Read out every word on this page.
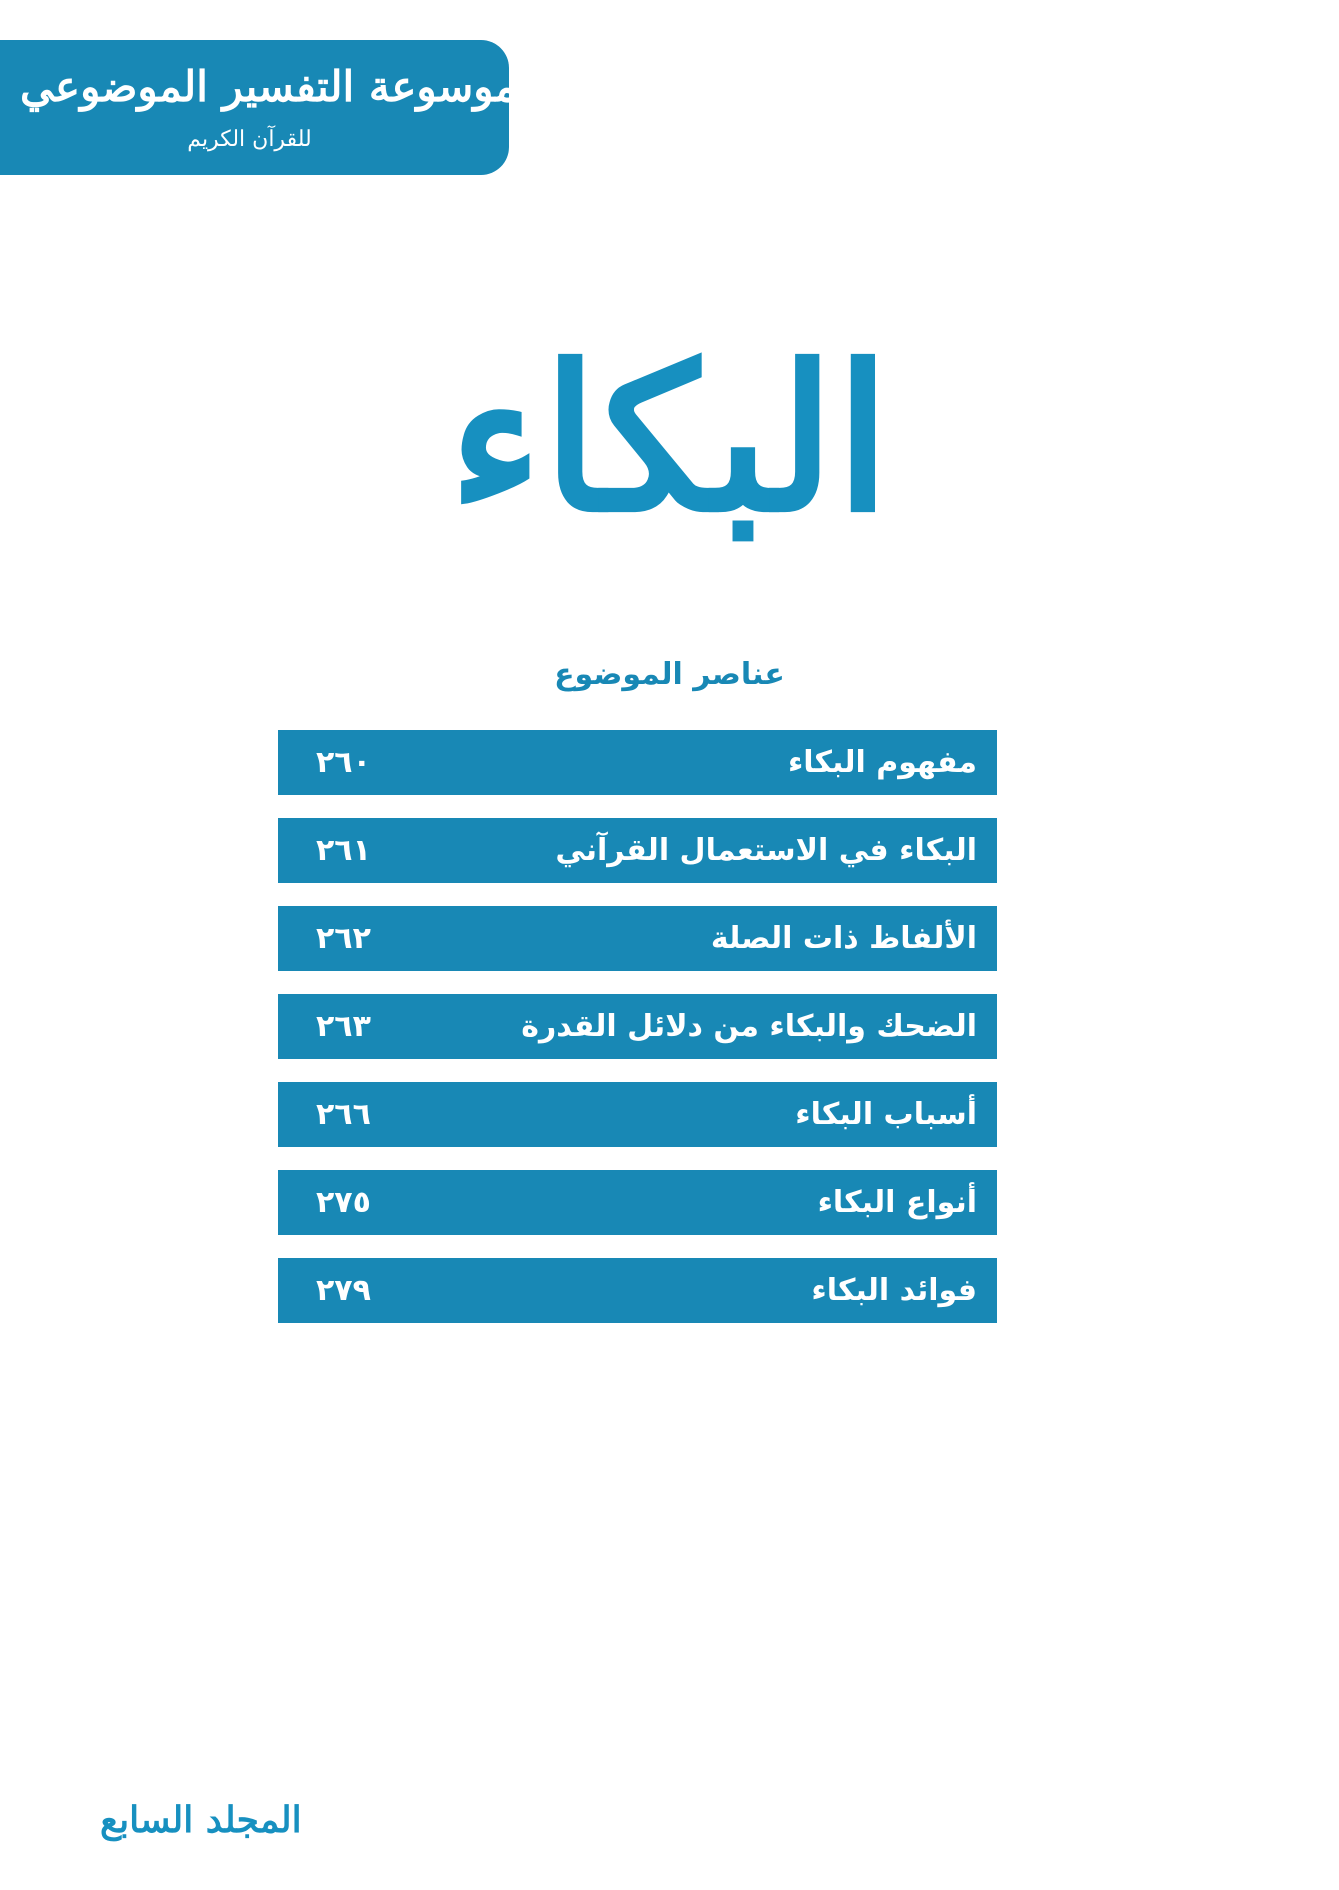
موسوعة التفسير الموضوعي
للقرآن الكريم
البكاء
عناصر الموضوع
مفهوم البكاء
٢٦٠
البكاء في الاستعمال القرآني
٢٦١
الألفاظ ذات الصلة
٢٦٢
الضحك والبكاء من دلائل القدرة
٢٦٣
أسباب البكاء
٢٦٦
أنواع البكاء
٢٧٥
فوائد البكاء
٢٧٩
المجلد السابع
